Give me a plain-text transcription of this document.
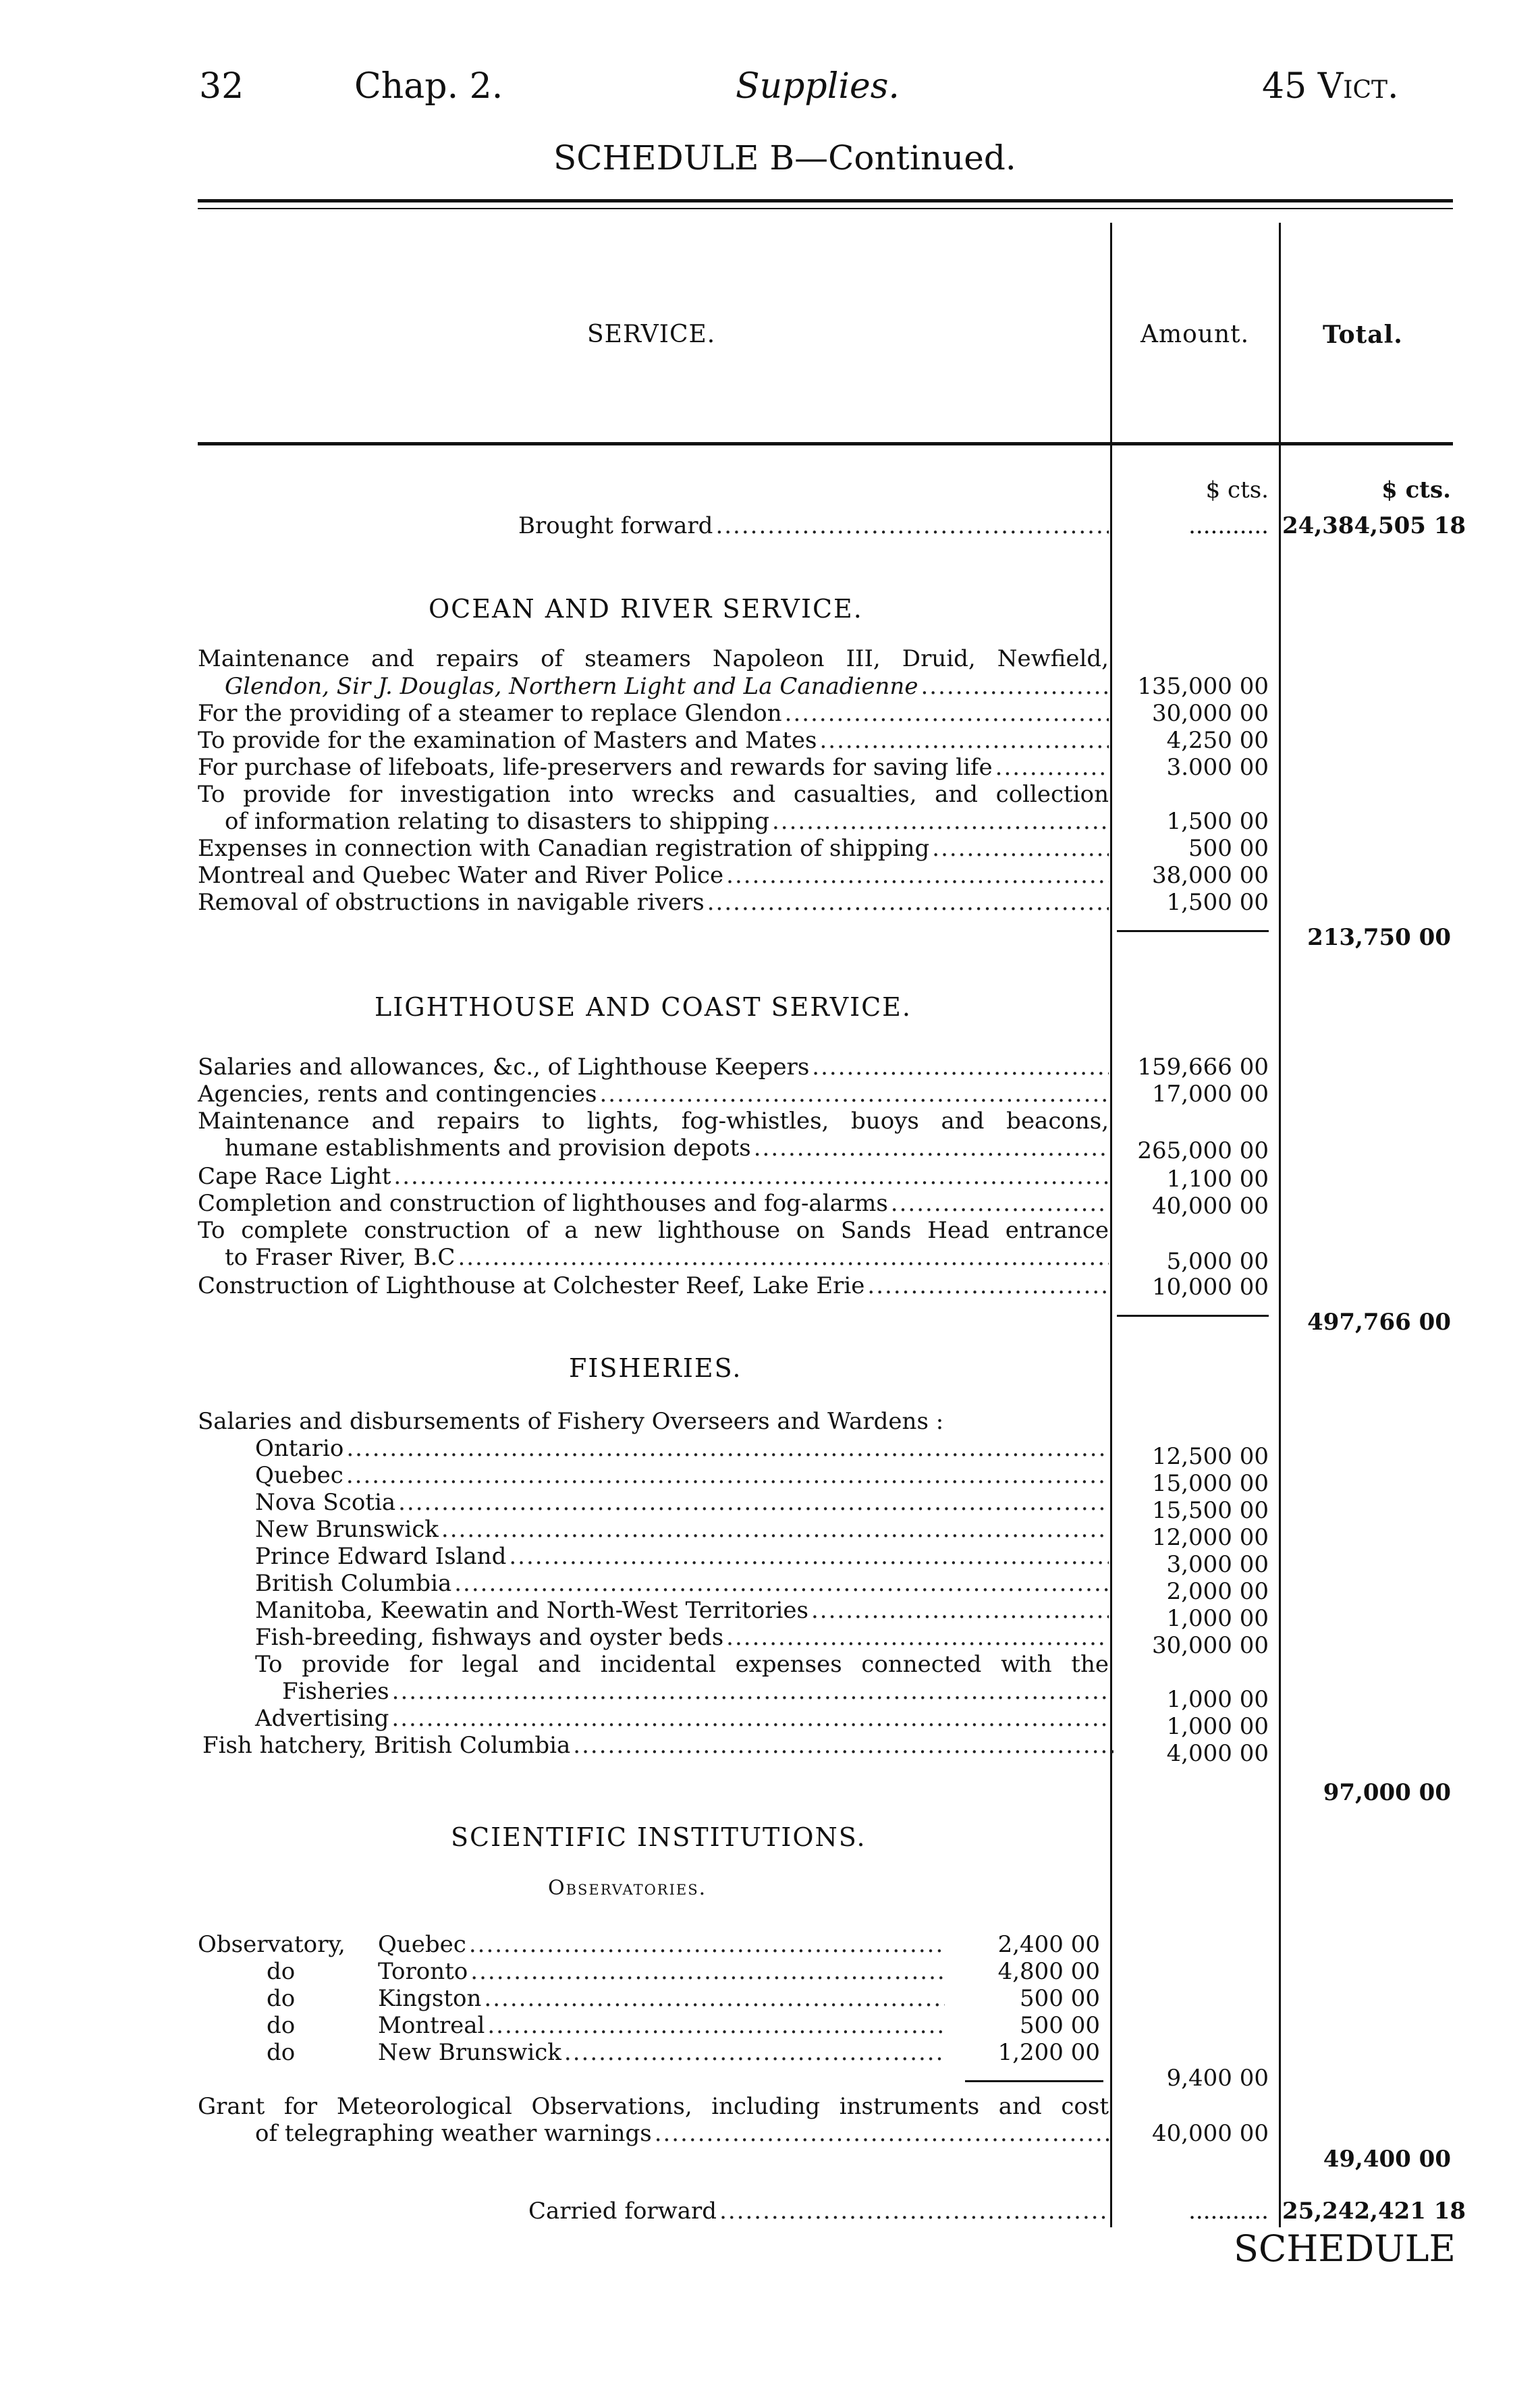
32	Chap. 2.	Supplies.	45 Vict.
SCHEDULE B—Continued.
SERVICE.	Amount.	Total.
$ cts.	$ cts.
Brought forward .....	........... 24,384,505 18
OCEAN AND RIVER SERVICE.
Maintenance and repairs of steamers Napoleon III, Druid, Newfield,
Glendon, Sir J. Douglas, Northern Light and La Canadienne .....	135,000 00
For the providing of a steamer to replace Glendon .....	30,000 00
To provide for the examination of Masters and Mates .....	4,250 00
For purchase of lifeboats, life-preservers and rewards for saving life .....	3.000 00
To provide for investigation into wrecks and casualties, and collection
of information relating to disasters to shipping .....	1,500 00
Expenses in connection with Canadian registration of shipping .....	500 00
Montreal and Quebec Water and River Police .....	38,000 00
Removal of obstructions in navigable rivers .....	1,500 00
213,750 00
LIGHTHOUSE AND COAST SERVICE.
Salaries and allowances, &c., of Lighthouse Keepers .....	159,666 00
Agencies, rents and contingencies .....	17,000 00
Maintenance and repairs to lights, fog-whistles, buoys and beacons,
humane establishments and provision depots .....	265,000 00
Cape Race Light .....	1,100 00
Completion and construction of lighthouses and fog-alarms .....	40,000 00
To complete construction of a new lighthouse on Sands Head entrance
to Fraser River, B.C .....	5,000 00
Construction of Lighthouse at Colchester Reef, Lake Erie .....	10,000 00
497,766 00
FISHERIES.
Salaries and disbursements of Fishery Overseers and Wardens :
Ontario .....	12,500 00
Quebec .....	15,000 00
Nova Scotia .....	15,500 00
New Brunswick .....	12,000 00
Prince Edward Island .....	3,000 00
British Columbia .....	2,000 00
Manitoba, Keewatin and North-West Territories .....	1,000 00
Fish-breeding, fishways and oyster beds .....	30,000 00
To provide for legal and incidental expenses connected with the
Fisheries .....	1,000 00
Advertising .....	1,000 00
Fish hatchery, British Columbia .....	4,000 00
97,000 00
SCIENTIFIC INSTITUTIONS.
Observatories.
Observatory, Quebec .....	2,400 00
do	Toronto .....	4,800 00
do	Kingston .....	500 00
do	Montreal .....	500 00
do	New Brunswick .....	1,200 00
9,400 00
Grant for Meteorological Observations, including instruments and cost
of telegraphing weather warnings .....	40,000 00
49,400 00
Carried forward .....	........... 25,242,421 18
SCHEDULE
